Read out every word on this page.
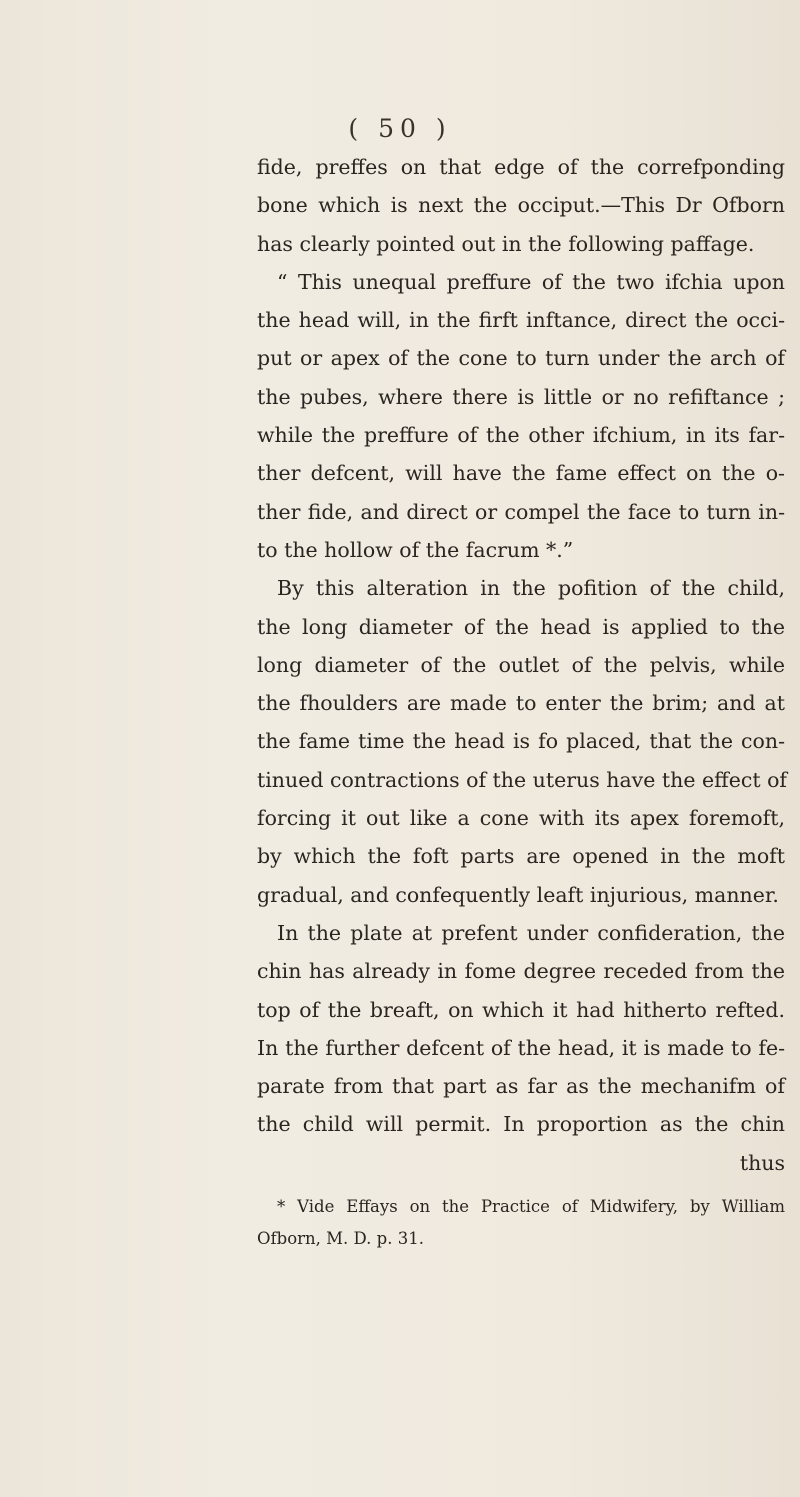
( 50 )
fide, preffes on that edge of the correfponding
bone which is next the occiput.—This Dr Ofborn
has clearly pointed out in the following paffage.
“ This unequal preffure of the two ifchia upon
the head will, in the firft inftance, direct the occi-
put or apex of the cone to turn under the arch of
the pubes, where there is little or no refiftance ;
while the preffure of the other ifchium, in its far-
ther defcent, will have the fame effect on the o-
ther fide, and direct or compel the face to turn in-
to the hollow of the facrum *.”
By this alteration in the pofition of the child,
the long diameter of the head is applied to the
long diameter of the outlet of the pelvis, while
the fhoulders are made to enter the brim; and at
the fame time the head is fo placed, that the con-
tinued contractions of the uterus have the effect of
forcing it out like a cone with its apex foremoft,
by which the foft parts are opened in the moft
gradual, and confequently leaft injurious, manner.
In the plate at prefent under confideration, the
chin has already in fome degree receded from the
top of the breaft, on which it had hitherto refted.
In the further defcent of the head, it is made to fe-
parate from that part as far as the mechanifm of
the child will permit. In proportion as the chin
thus
* Vide Effays on the Practice of Midwifery, by William
Ofborn, M. D. p. 31.
